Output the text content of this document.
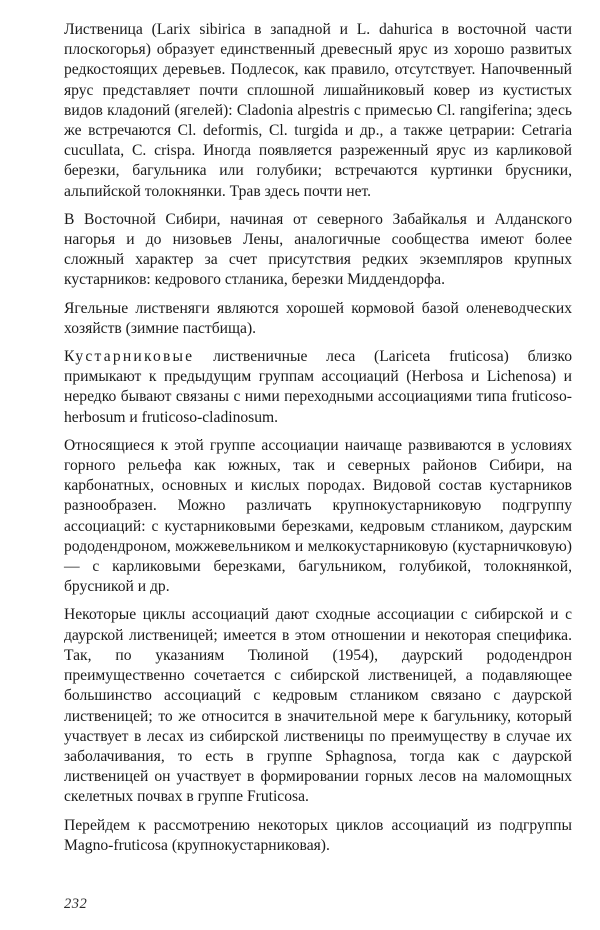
Лиственица (Larix sibirica в западной и L. dahurica в восточной части плоскогорья) образует единственный древесный ярус из хорошо развитых редкостоящих деревьев. Подлесок, как правило, отсутствует. Напочвенный ярус представляет почти сплошной лишайниковый ковер из кустистых видов кладоний (ягелей): Cladonia alpestris с примесью Cl. rangiferina; здесь же встречаются Cl. deformis, Cl. turgida и др., а также цетрарии: Cetraria cucullata, C. crispa. Иногда появляется разреженный ярус из карликовой березки, багульника или голубики; встречаются куртинки брусники, альпийской толокнянки. Трав здесь почти нет.

В Восточной Сибири, начиная от северного Забайкалья и Алданского нагорья и до низовьев Лены, аналогичные сообщества имеют более сложный характер за счет присутствия редких экземпляров крупных кустарников: кедрового стланика, березки Миддендорфа.

Ягельные лиственяги являются хорошей кормовой базой оленеводческих хозяйств (зимние пастбища).

Кустарниковые лиственичные леса (Lariceta fruticosa) близко примыкают к предыдущим группам ассоциаций (Herbosa и Lichenosa) и нередко бывают связаны с ними переходными ассоциациями типа fruticoso-herbosum и fruticoso-cladinosum.

Относящиеся к этой группе ассоциации наичаще развиваются в условиях горного рельефа как южных, так и северных районов Сибири, на карбонатных, основных и кислых породах. Видовой состав кустарников разнообразен. Можно различать крупнокустарниковую подгруппу ассоциаций: с кустарниковыми березками, кедровым стлаником, даурским рододендроном, можжевельником и мелкокустарниковую (кустарничковую) — с карликовыми березками, багульником, голубикой, толокнянкой, брусникой и др.

Некоторые циклы ассоциаций дают сходные ассоциации с сибирской и с даурской лиственицей; имеется в этом отношении и некоторая специфика. Так, по указаниям Тюлиной (1954), даурский рододендрон преимущественно сочетается с сибирской лиственицей, а подавляющее большинство ассоциаций с кедровым стлаником связано с даурской лиственицей; то же относится в значительной мере к багульнику, который участвует в лесах из сибирской лиственицы по преимуществу в случае их заболачивания, то есть в группе Sphagnosa, тогда как с даурской лиственицей он участвует в формировании горных лесов на маломощных скелетных почвах в группе Fruticosa.

Перейдем к рассмотрению некоторых циклов ассоциаций из подгруппы Magno-fruticosa (крупнокустарниковая).

232
